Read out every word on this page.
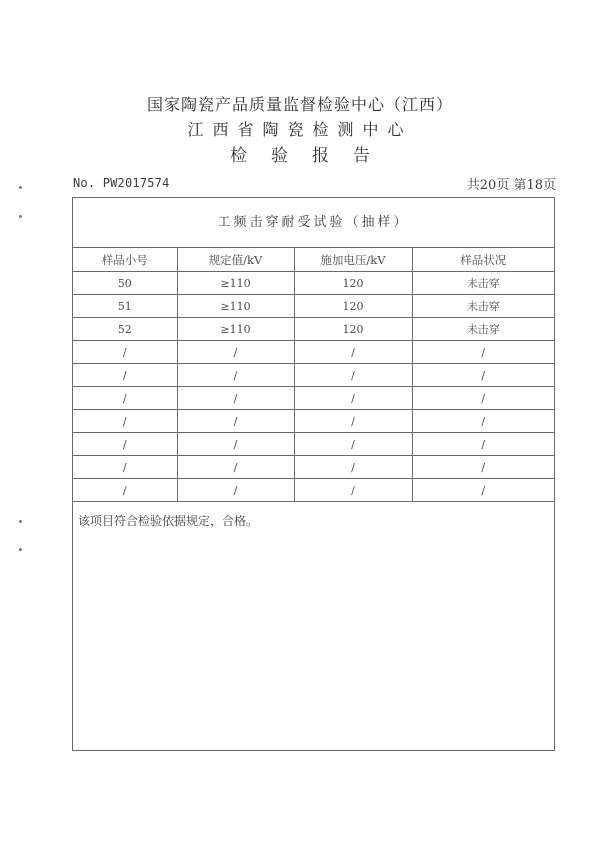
国家陶瓷产品质量监督检验中心（江西）
江西省陶瓷检测中心
检验报告
No. PW2017574	共20页 第18页
工频击穿耐受试验（抽样）
样品小号	规定值/kV	施加电压/kV	样品状况
50	≥110	120	未击穿
51	≥110	120	未击穿
52	≥110	120	未击穿
/	/	/	/
/	/	/	/
/	/	/	/
/	/	/	/
/	/	/	/
/	/	/	/
/	/	/	/
该项目符合检验依据规定，合格。
